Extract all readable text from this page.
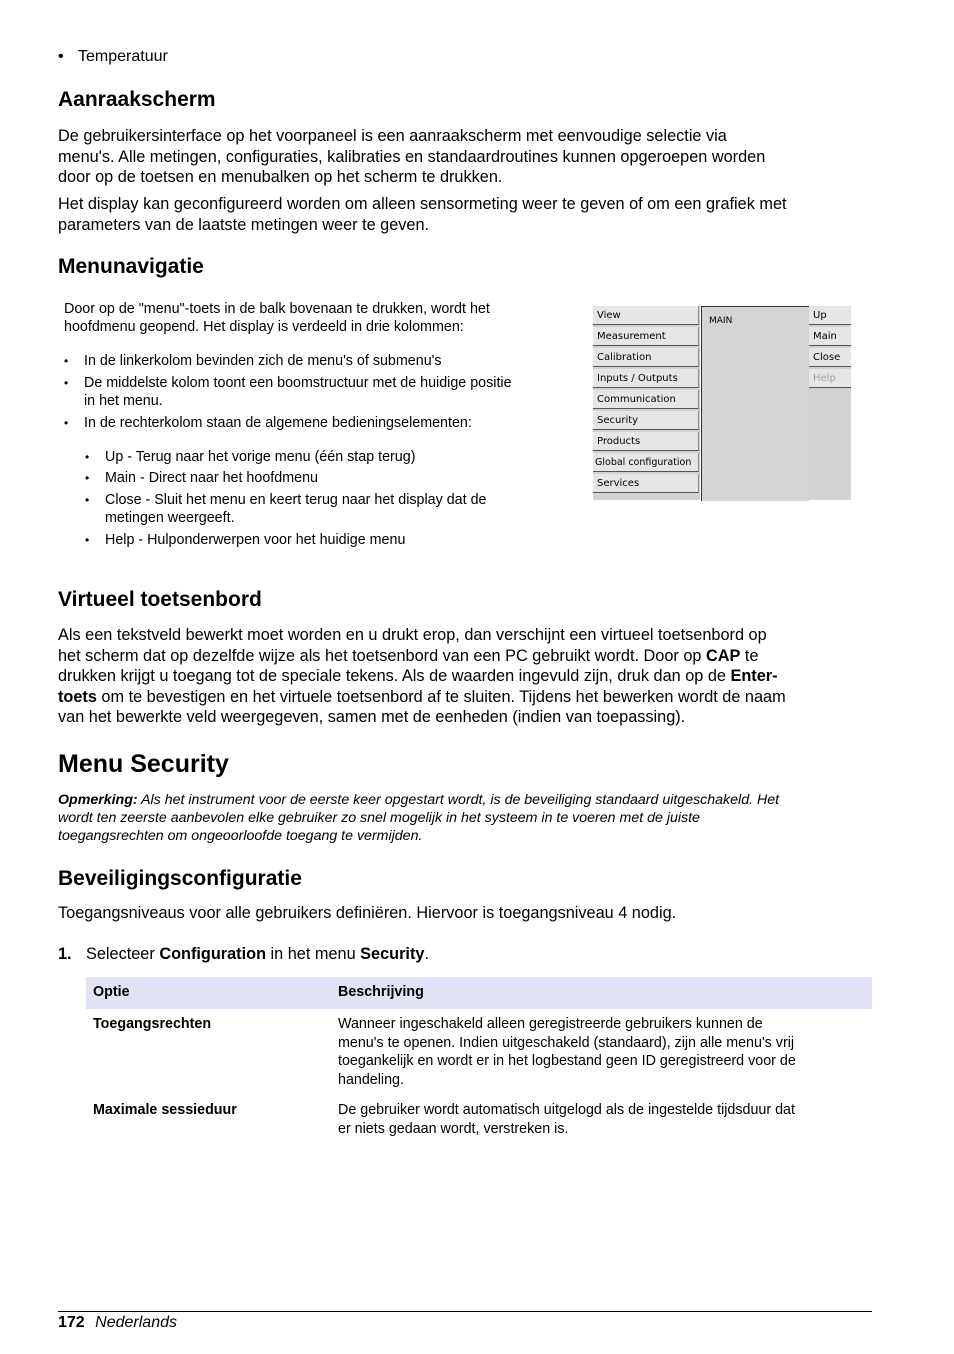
• Temperatuur
Aanraakscherm
De gebruikersinterface op het voorpaneel is een aanraakscherm met eenvoudige selectie via
menu's. Alle metingen, configuraties, kalibraties en standaardroutines kunnen opgeroepen worden
door op de toetsen en menubalken op het scherm te drukken.
Het display kan geconfigureerd worden om alleen sensormeting weer te geven of om een grafiek met
parameters van de laatste metingen weer te geven.
Menunavigatie
Door op de "menu"-toets in de balk bovenaan te drukken, wordt het
hoofdmenu geopend. Het display is verdeeld in drie kolommen:
• In de linkerkolom bevinden zich de menu's of submenu's
• De middelste kolom toont een boomstructuur met de huidige positie
in het menu.
• In de rechterkolom staan de algemene bedieningselementen:
• Up - Terug naar het vorige menu (één stap terug)
• Main - Direct naar het hoofdmenu
• Close - Sluit het menu en keert terug naar het display dat de
metingen weergeeft.
• Help - Hulponderwerpen voor het huidige menu
View
Measurement
Calibration
Inputs / Outputs
Communication
Security
Products
Global configuration
Services
MAIN	Up
Main
Close
Help
Virtueel toetsenbord
Als een tekstveld bewerkt moet worden en u drukt erop, dan verschijnt een virtueel toetsenbord op
het scherm dat op dezelfde wijze als het toetsenbord van een PC gebruikt wordt. Door op CAP te
drukken krijgt u toegang tot de speciale tekens. Als de waarden ingevuld zijn, druk dan op de Enter-
toets om te bevestigen en het virtuele toetsenbord af te sluiten. Tijdens het bewerken wordt de naam
van het bewerkte veld weergegeven, samen met de eenheden (indien van toepassing).
Menu Security
Opmerking: Als het instrument voor de eerste keer opgestart wordt, is de beveiliging standaard uitgeschakeld. Het
wordt ten zeerste aanbevolen elke gebruiker zo snel mogelijk in het systeem in te voeren met de juiste
toegangsrechten om ongeoorloofde toegang te vermijden.
Beveiligingsconfiguratie
Toegangsniveaus voor alle gebruikers definiëren. Hiervoor is toegangsniveau 4 nodig.
1. Selecteer Configuration in het menu Security.
Optie	Beschrijving
Toegangsrechten	Wanneer ingeschakeld alleen geregistreerde gebruikers kunnen de
menu's te openen. Indien uitgeschakeld (standaard), zijn alle menu's vrij
toegankelijk en wordt er in het logbestand geen ID geregistreerd voor de
handeling.
Maximale sessieduur	De gebruiker wordt automatisch uitgelogd als de ingestelde tijdsduur dat
er niets gedaan wordt, verstreken is.
172 Nederlands
